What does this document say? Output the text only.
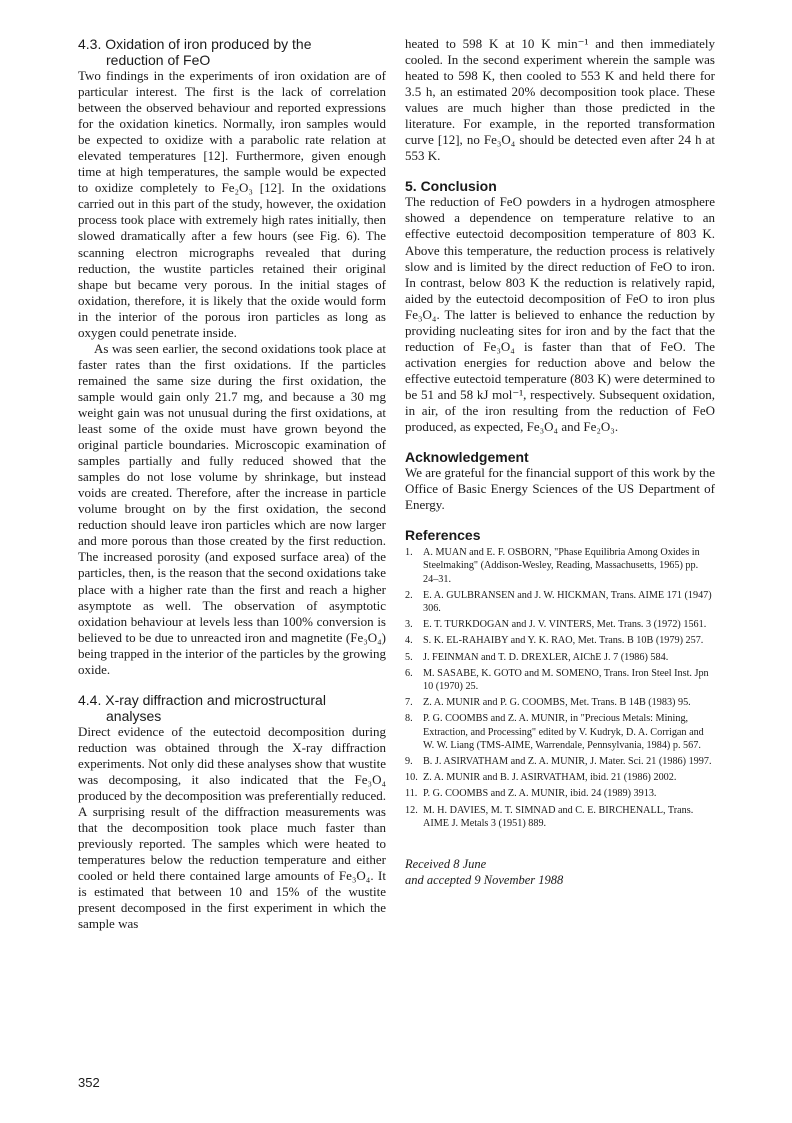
4.3. Oxidation of iron produced by the
reduction of FeO

Two findings in the experiments of iron oxidation are of particular interest. The first is the lack of correlation between the observed behaviour and reported expressions for the oxidation kinetics. Normally, iron samples would be expected to oxidize with a parabolic rate relation at elevated temperatures [12]. Furthermore, given enough time at high temperatures, the sample would be expected to oxidize completely to Fe₂O₃ [12]. In the oxidations carried out in this part of the study, however, the oxidation process took place with extremely high rates initially, then slowed dramatically after a few hours (see Fig. 6). The scanning electron micrographs revealed that during reduction, the wustite particles retained their original shape but became very porous. In the initial stages of oxidation, therefore, it is likely that the oxide would form in the interior of the porous iron particles as long as oxygen could penetrate inside.

As was seen earlier, the second oxidations took place at faster rates than the first oxidations. If the particles remained the same size during the first oxidation, the sample would gain only 21.7 mg, and because a 30 mg weight gain was not unusual during the first oxidations, at least some of the oxide must have grown beyond the original particle boundaries. Microscopic examination of samples partially and fully reduced showed that the samples do not lose volume by shrinkage, but instead voids are created. Therefore, after the increase in particle volume brought on by the first oxidation, the second reduction should leave iron particles which are now larger and more porous than those created by the first reduction. The increased porosity (and exposed surface area) of the particles, then, is the reason that the second oxidations take place with a higher rate than the first and reach a higher asymptote as well. The observation of asymptotic oxidation behaviour at levels less than 100% conversion is believed to be due to unreacted iron and magnetite (Fe₃O₄) being trapped in the interior of the particles by the growing oxide.

4.4. X-ray diffraction and microstructural
analyses

Direct evidence of the eutectoid decomposition during reduction was obtained through the X-ray diffraction experiments. Not only did these analyses show that wustite was decomposing, it also indicated that the Fe₃O₄ produced by the decomposition was preferentially reduced. A surprising result of the diffraction measurements was that the decomposition took place much faster than previously reported. The samples which were heated to temperatures below the reduction temperature and either cooled or held there contained large amounts of Fe₃O₄. It is estimated that between 10 and 15% of the wustite present decomposed in the first experiment in which the sample was

heated to 598 K at 10 K min⁻¹ and then immediately cooled. In the second experiment wherein the sample was heated to 598 K, then cooled to 553 K and held there for 3.5 h, an estimated 20% decomposition took place. These values are much higher than those predicted in the literature. For example, in the reported transformation curve [12], no Fe₃O₄ should be detected even after 24 h at 553 K.

5. Conclusion

The reduction of FeO powders in a hydrogen atmosphere showed a dependence on temperature relative to an effective eutectoid decomposition temperature of 803 K. Above this temperature, the reduction process is relatively slow and is limited by the direct reduction of FeO to iron. In contrast, below 803 K the reduction is relatively rapid, aided by the eutectoid decomposition of FeO to iron plus Fe₃O₄. The latter is believed to enhance the reduction by providing nucleating sites for iron and by the fact that the reduction of Fe₃O₄ is faster than that of FeO. The activation energies for reduction above and below the effective eutectoid temperature (803 K) were determined to be 51 and 58 kJ mol⁻¹, respectively. Subsequent oxidation, in air, of the iron resulting from the reduction of FeO produced, as expected, Fe₃O₄ and Fe₂O₃.

Acknowledgement

We are grateful for the financial support of this work by the Office of Basic Energy Sciences of the US Department of Energy.

References
1. A. MUAN and E. F. OSBORN, "Phase Equilibria Among Oxides in Steelmaking" (Addison-Wesley, Reading, Massachusetts, 1965) pp. 24–31.
2. E. A. GULBRANSEN and J. W. HICKMAN, Trans. AIME 171 (1947) 306.
3. E. T. TURKDOGAN and J. V. VINTERS, Met. Trans. 3 (1972) 1561.
4. S. K. EL-RAHAIBY and Y. K. RAO, Met. Trans. B 10B (1979) 257.
5. J. FEINMAN and T. D. DREXLER, AIChE J. 7 (1986) 584.
6. M. SASABE, K. GOTO and M. SOMENO, Trans. Iron Steel Inst. Jpn 10 (1970) 25.
7. Z. A. MUNIR and P. G. COOMBS, Met. Trans. B 14B (1983) 95.
8. P. G. COOMBS and Z. A. MUNIR, in "Precious Metals: Mining, Extraction, and Processing" edited by V. Kudryk, D. A. Corrigan and W. W. Liang (TMS-AIME, Warrendale, Pennsylvania, 1984) p. 567.
9. B. J. ASIRVATHAM and Z. A. MUNIR, J. Mater. Sci. 21 (1986) 1997.
10. Z. A. MUNIR and B. J. ASIRVATHAM, ibid. 21 (1986) 2002.
11. P. G. COOMBS and Z. A. MUNIR, ibid. 24 (1989) 3913.
12. M. H. DAVIES, M. T. SIMNAD and C. E. BIRCHENALL, Trans. AIME J. Metals 3 (1951) 889.
Received 8 June
and accepted 9 November 1988
352
